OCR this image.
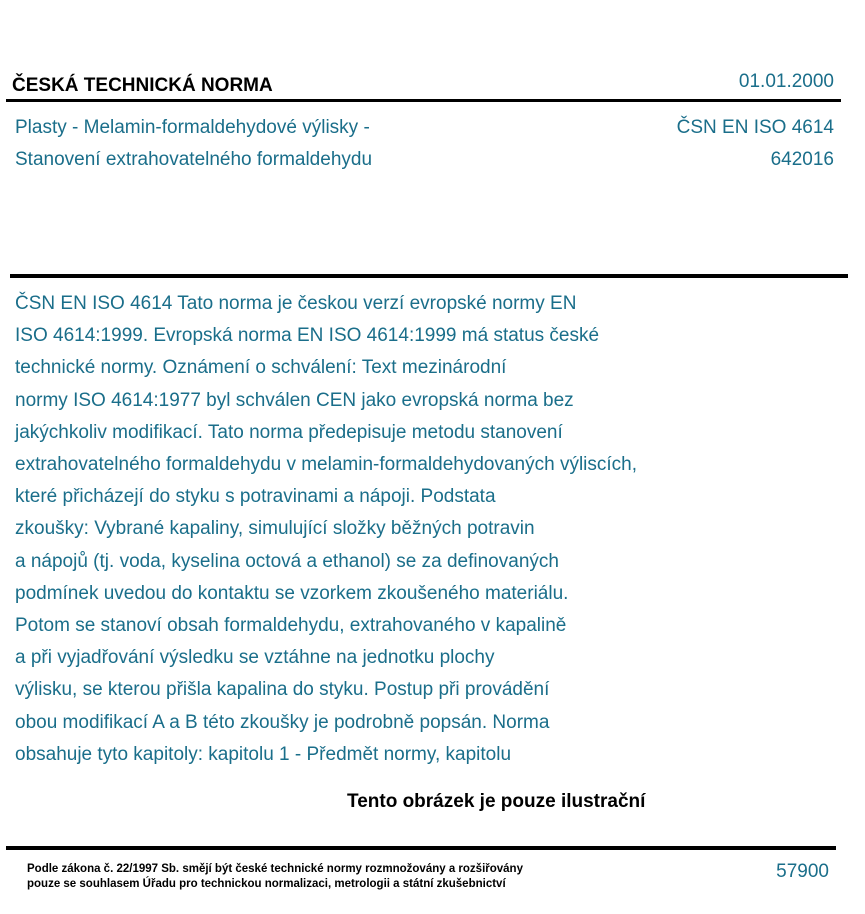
ČESKÁ TECHNICKÁ NORMA	01.01.2000
Plasty - Melamin-formaldehydové výlisky -
Stanovení extrahovatelného formaldehydu
ČSN EN ISO 4614
642016
ČSN EN ISO 4614 Tato norma je českou verzí evropské normy EN
ISO 4614:1999. Evropská norma EN ISO 4614:1999 má status české
technické normy. Oznámení o schválení: Text mezinárodní
normy ISO 4614:1977 byl schválen CEN jako evropská norma bez
jakýchkoliv modifikací. Tato norma předepisuje metodu stanovení
extrahovatelného formaldehydu v melamin-formaldehydovaných výliscích,
které přicházejí do styku s potravinami a nápoji. Podstata
zkoušky: Vybrané kapaliny, simulující složky běžných potravin
a nápojů (tj. voda, kyselina octová a ethanol) se za definovaných
podmínek uvedou do kontaktu se vzorkem zkoušeného materiálu.
Potom se stanoví obsah formaldehydu, extrahovaného v kapalině
a při vyjadřování výsledku se vztáhne na jednotku plochy
výlisku, se kterou přišla kapalina do styku. Postup při provádění
obou modifikací A a B této zkoušky je podrobně popsán. Norma
obsahuje tyto kapitoly: kapitolu 1 - Předmět normy, kapitolu
Tento obrázek je pouze ilustrační
Podle zákona č. 22/1997 Sb. smějí být české technické normy rozmnožovány a rozšiřovány
pouze se souhlasem Úřadu pro technickou normalizaci, metrologii a státní zkušebnictví
57900
